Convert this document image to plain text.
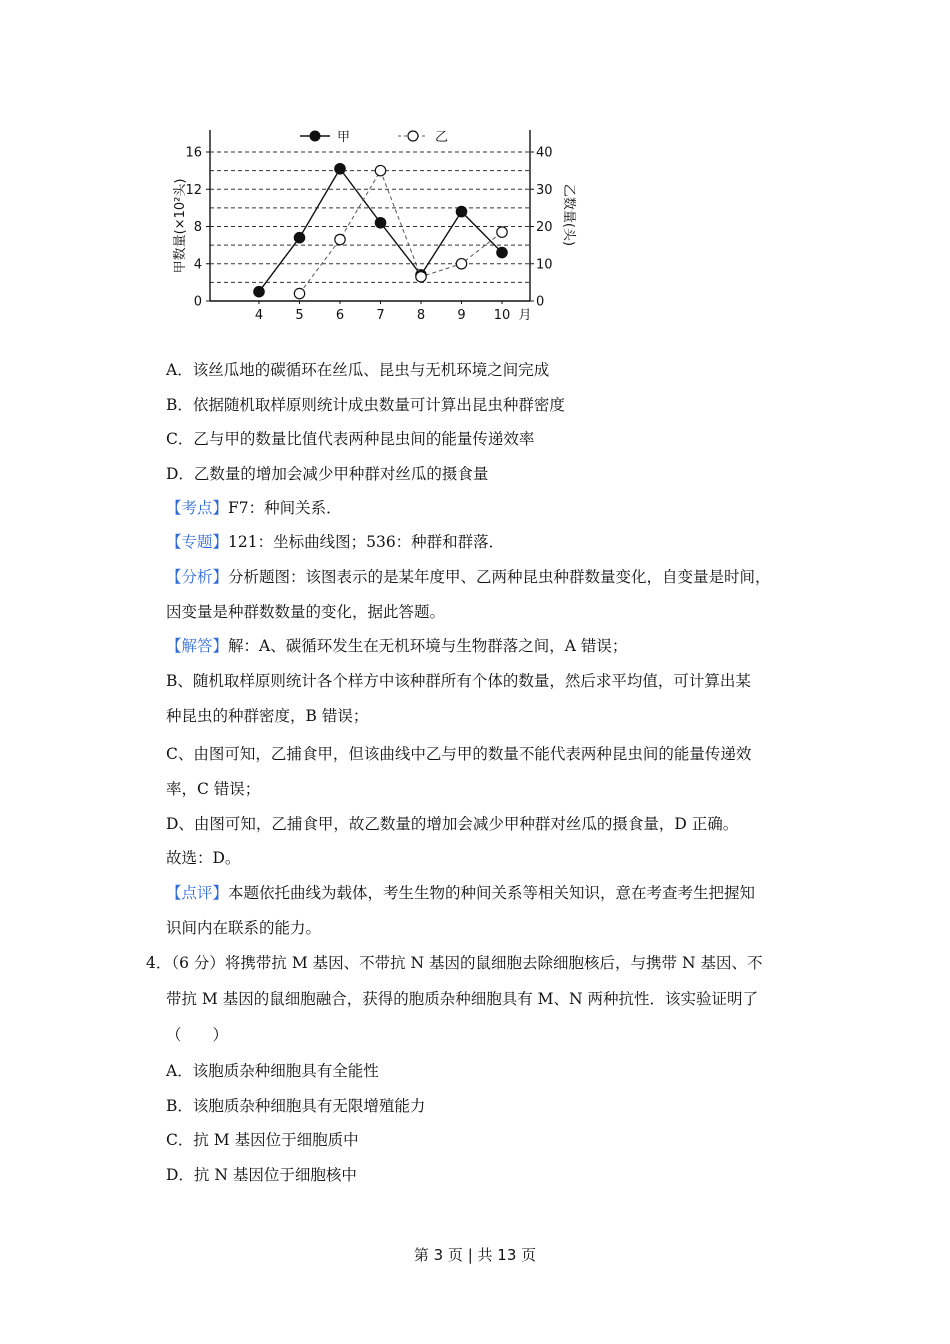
0
4
8
12
16
0
10
20
30
40
4 5 6 7 8 9 10 月
甲数量(×10²头)	乙数量(头)
甲	乙
A．该丝瓜地的碳循环在丝瓜、昆虫与无机环境之间完成
B．依据随机取样原则统计成虫数量可计算出昆虫种群密度
C．乙与甲的数量比值代表两种昆虫间的能量传递效率
D．乙数量的增加会减少甲种群对丝瓜的摄食量
【考点】F7：种间关系．
【专题】121：坐标曲线图；536：种群和群落．
【分析】分析题图：该图表示的是某年度甲、乙两种昆虫种群数量变化，自变量是时间，
因变量是种群数数量的变化，据此答题。
【解答】解：A、碳循环发生在无机环境与生物群落之间，A 错误；
B、随机取样原则统计各个样方中该种群所有个体的数量，然后求平均值，可计算出某
种昆虫的种群密度，B 错误；
C、由图可知，乙捕食甲，但该曲线中乙与甲的数量不能代表两种昆虫间的能量传递效
率，C 错误；
D、由图可知，乙捕食甲，故乙数量的增加会减少甲种群对丝瓜的摄食量，D 正确。
故选：D。
【点评】本题依托曲线为载体，考生生物的种间关系等相关知识，意在考查考生把握知
识间内在联系的能力。
4．（6 分）将携带抗 M 基因、不带抗 N 基因的鼠细胞去除细胞核后，与携带 N 基因、不
带抗 M 基因的鼠细胞融合，获得的胞质杂种细胞具有 M、N 两种抗性．该实验证明了
（　　）
A．该胞质杂种细胞具有全能性
B．该胞质杂种细胞具有无限增殖能力
C．抗 M 基因位于细胞质中
D．抗 N 基因位于细胞核中
第 3 页 | 共 13 页
